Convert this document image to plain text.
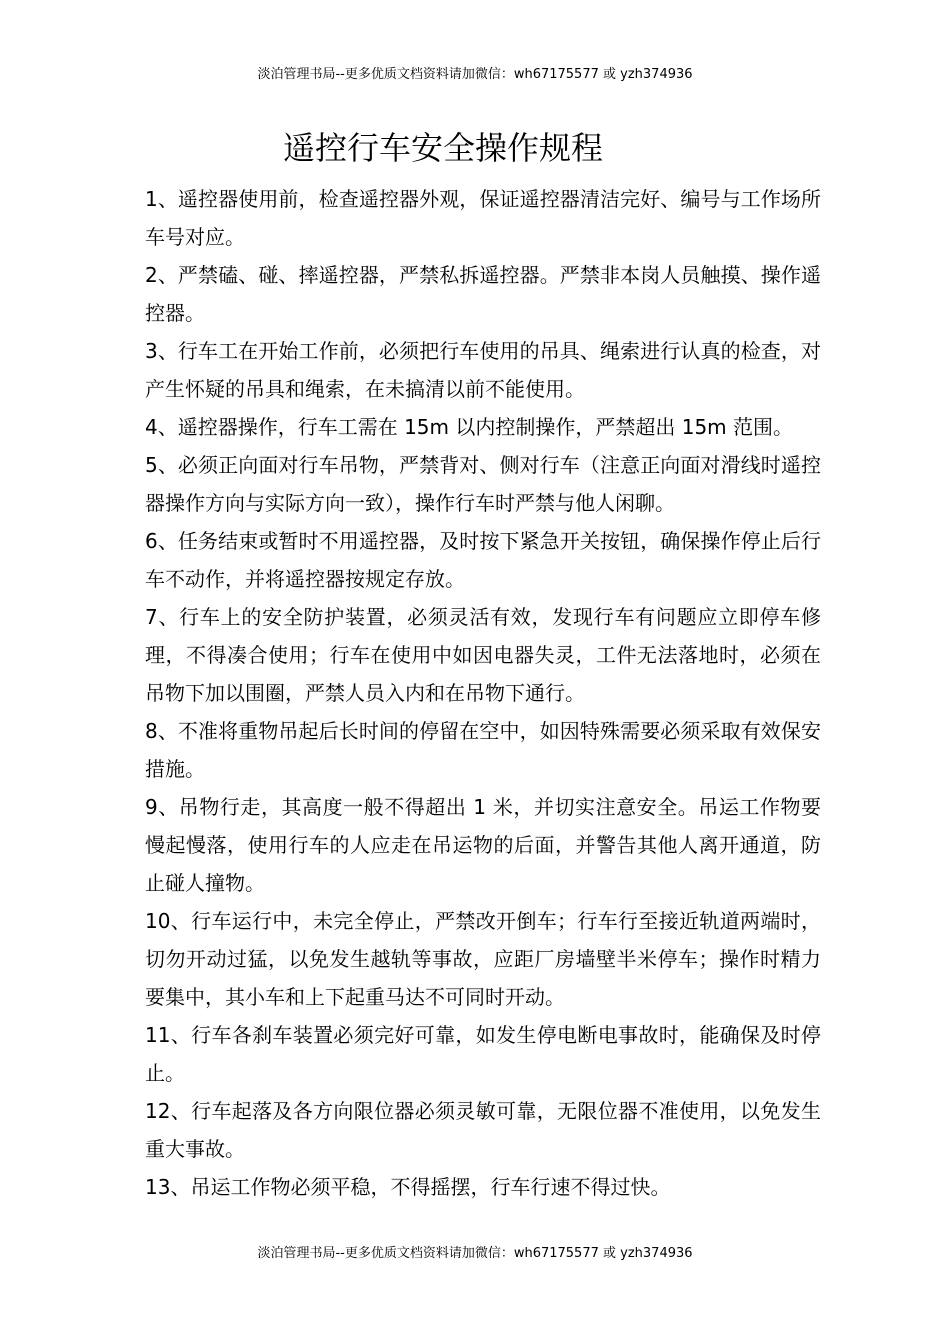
淡泊管理书局--更多优质文档资料请加微信：wh67175577 或 yzh374936
遥控行车安全操作规程

1、遥控器使用前，检查遥控器外观，保证遥控器清洁完好、编号与工作场所车号对应。

2、严禁磕、碰、摔遥控器，严禁私拆遥控器。严禁非本岗人员触摸、操作遥控器。

3、行车工在开始工作前，必须把行车使用的吊具、绳索进行认真的检查，对产生怀疑的吊具和绳索，在未搞清以前不能使用。

4、遥控器操作，行车工需在 15m 以内控制操作，严禁超出 15m 范围。

5、必须正向面对行车吊物，严禁背对、侧对行车（注意正向面对滑线时遥控器操作方向与实际方向一致），操作行车时严禁与他人闲聊。

6、任务结束或暂时不用遥控器，及时按下紧急开关按钮，确保操作停止后行车不动作，并将遥控器按规定存放。

7、行车上的安全防护装置，必须灵活有效，发现行车有问题应立即停车修理，不得凑合使用；行车在使用中如因电器失灵，工件无法落地时，必须在吊物下加以围圈，严禁人员入内和在吊物下通行。

8、不准将重物吊起后长时间的停留在空中，如因特殊需要必须采取有效保安措施。

9、吊物行走，其高度一般不得超出 1 米，并切实注意安全。吊运工作物要慢起慢落，使用行车的人应走在吊运物的后面，并警告其他人离开通道，防止碰人撞物。

10、行车运行中，未完全停止，严禁改开倒车；行车行至接近轨道两端时，切勿开动过猛，以免发生越轨等事故，应距厂房墙壁半米停车；操作时精力要集中，其小车和上下起重马达不可同时开动。

11、行车各刹车装置必须完好可靠，如发生停电断电事故时，能确保及时停止。

12、行车起落及各方向限位器必须灵敏可靠，无限位器不准使用，以免发生重大事故。

13、吊运工作物必须平稳，不得摇摆，行车行速不得过快。

淡泊管理书局--更多优质文档资料请加微信：wh67175577 或 yzh374936
